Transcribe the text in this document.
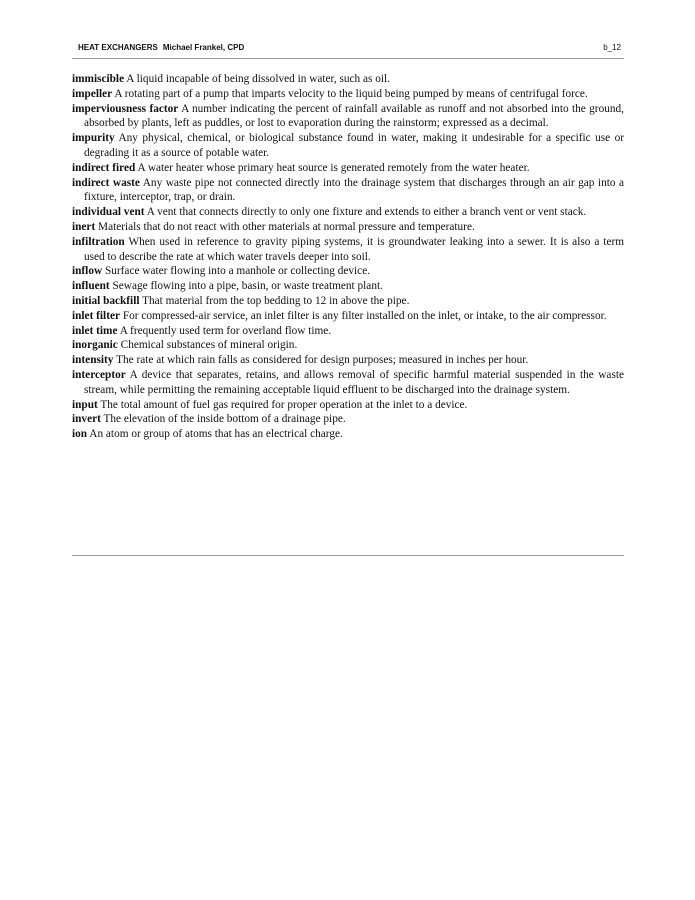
HEAT EXCHANGERS Michael Frankel, CPD	b_12

immiscible A liquid incapable of being dissolved in water, such as oil.

impeller A rotating part of a pump that imparts velocity to the liquid being pumped by means of centrifugal force.

imperviousness factor A number indicating the percent of rainfall available as runoff and not absorbed into the ground, absorbed by plants, left as puddles, or lost to evaporation during the rainstorm; expressed as a decimal.

impurity Any physical, chemical, or biological substance found in water, making it undesirable for a specific use or degrading it as a source of potable water.

indirect fired A water heater whose primary heat source is generated remotely from the water heater.

indirect waste Any waste pipe not connected directly into the drainage system that discharges through an air gap into a fixture, interceptor, trap, or drain.

individual vent A vent that connects directly to only one fixture and extends to either a branch vent or vent stack.

inert Materials that do not react with other materials at normal pressure and temperature.

infiltration When used in reference to gravity piping systems, it is groundwater leaking into a sewer. It is also a term used to describe the rate at which water travels deeper into soil.

inflow Surface water flowing into a manhole or collecting device.

influent Sewage flowing into a pipe, basin, or waste treatment plant.

initial backfill That material from the top bedding to 12 in above the pipe.

inlet filter For compressed-air service, an inlet filter is any filter installed on the inlet, or intake, to the air compressor.

inlet time A frequently used term for overland flow time.

inorganic Chemical substances of mineral origin.

intensity The rate at which rain falls as considered for design purposes; measured in inches per hour.

interceptor A device that separates, retains, and allows removal of specific harmful material suspended in the waste stream, while permitting the remaining acceptable liquid effluent to be discharged into the drainage system.

input The total amount of fuel gas required for proper operation at the inlet to a device.

invert The elevation of the inside bottom of a drainage pipe.

ion An atom or group of atoms that has an electrical charge.
